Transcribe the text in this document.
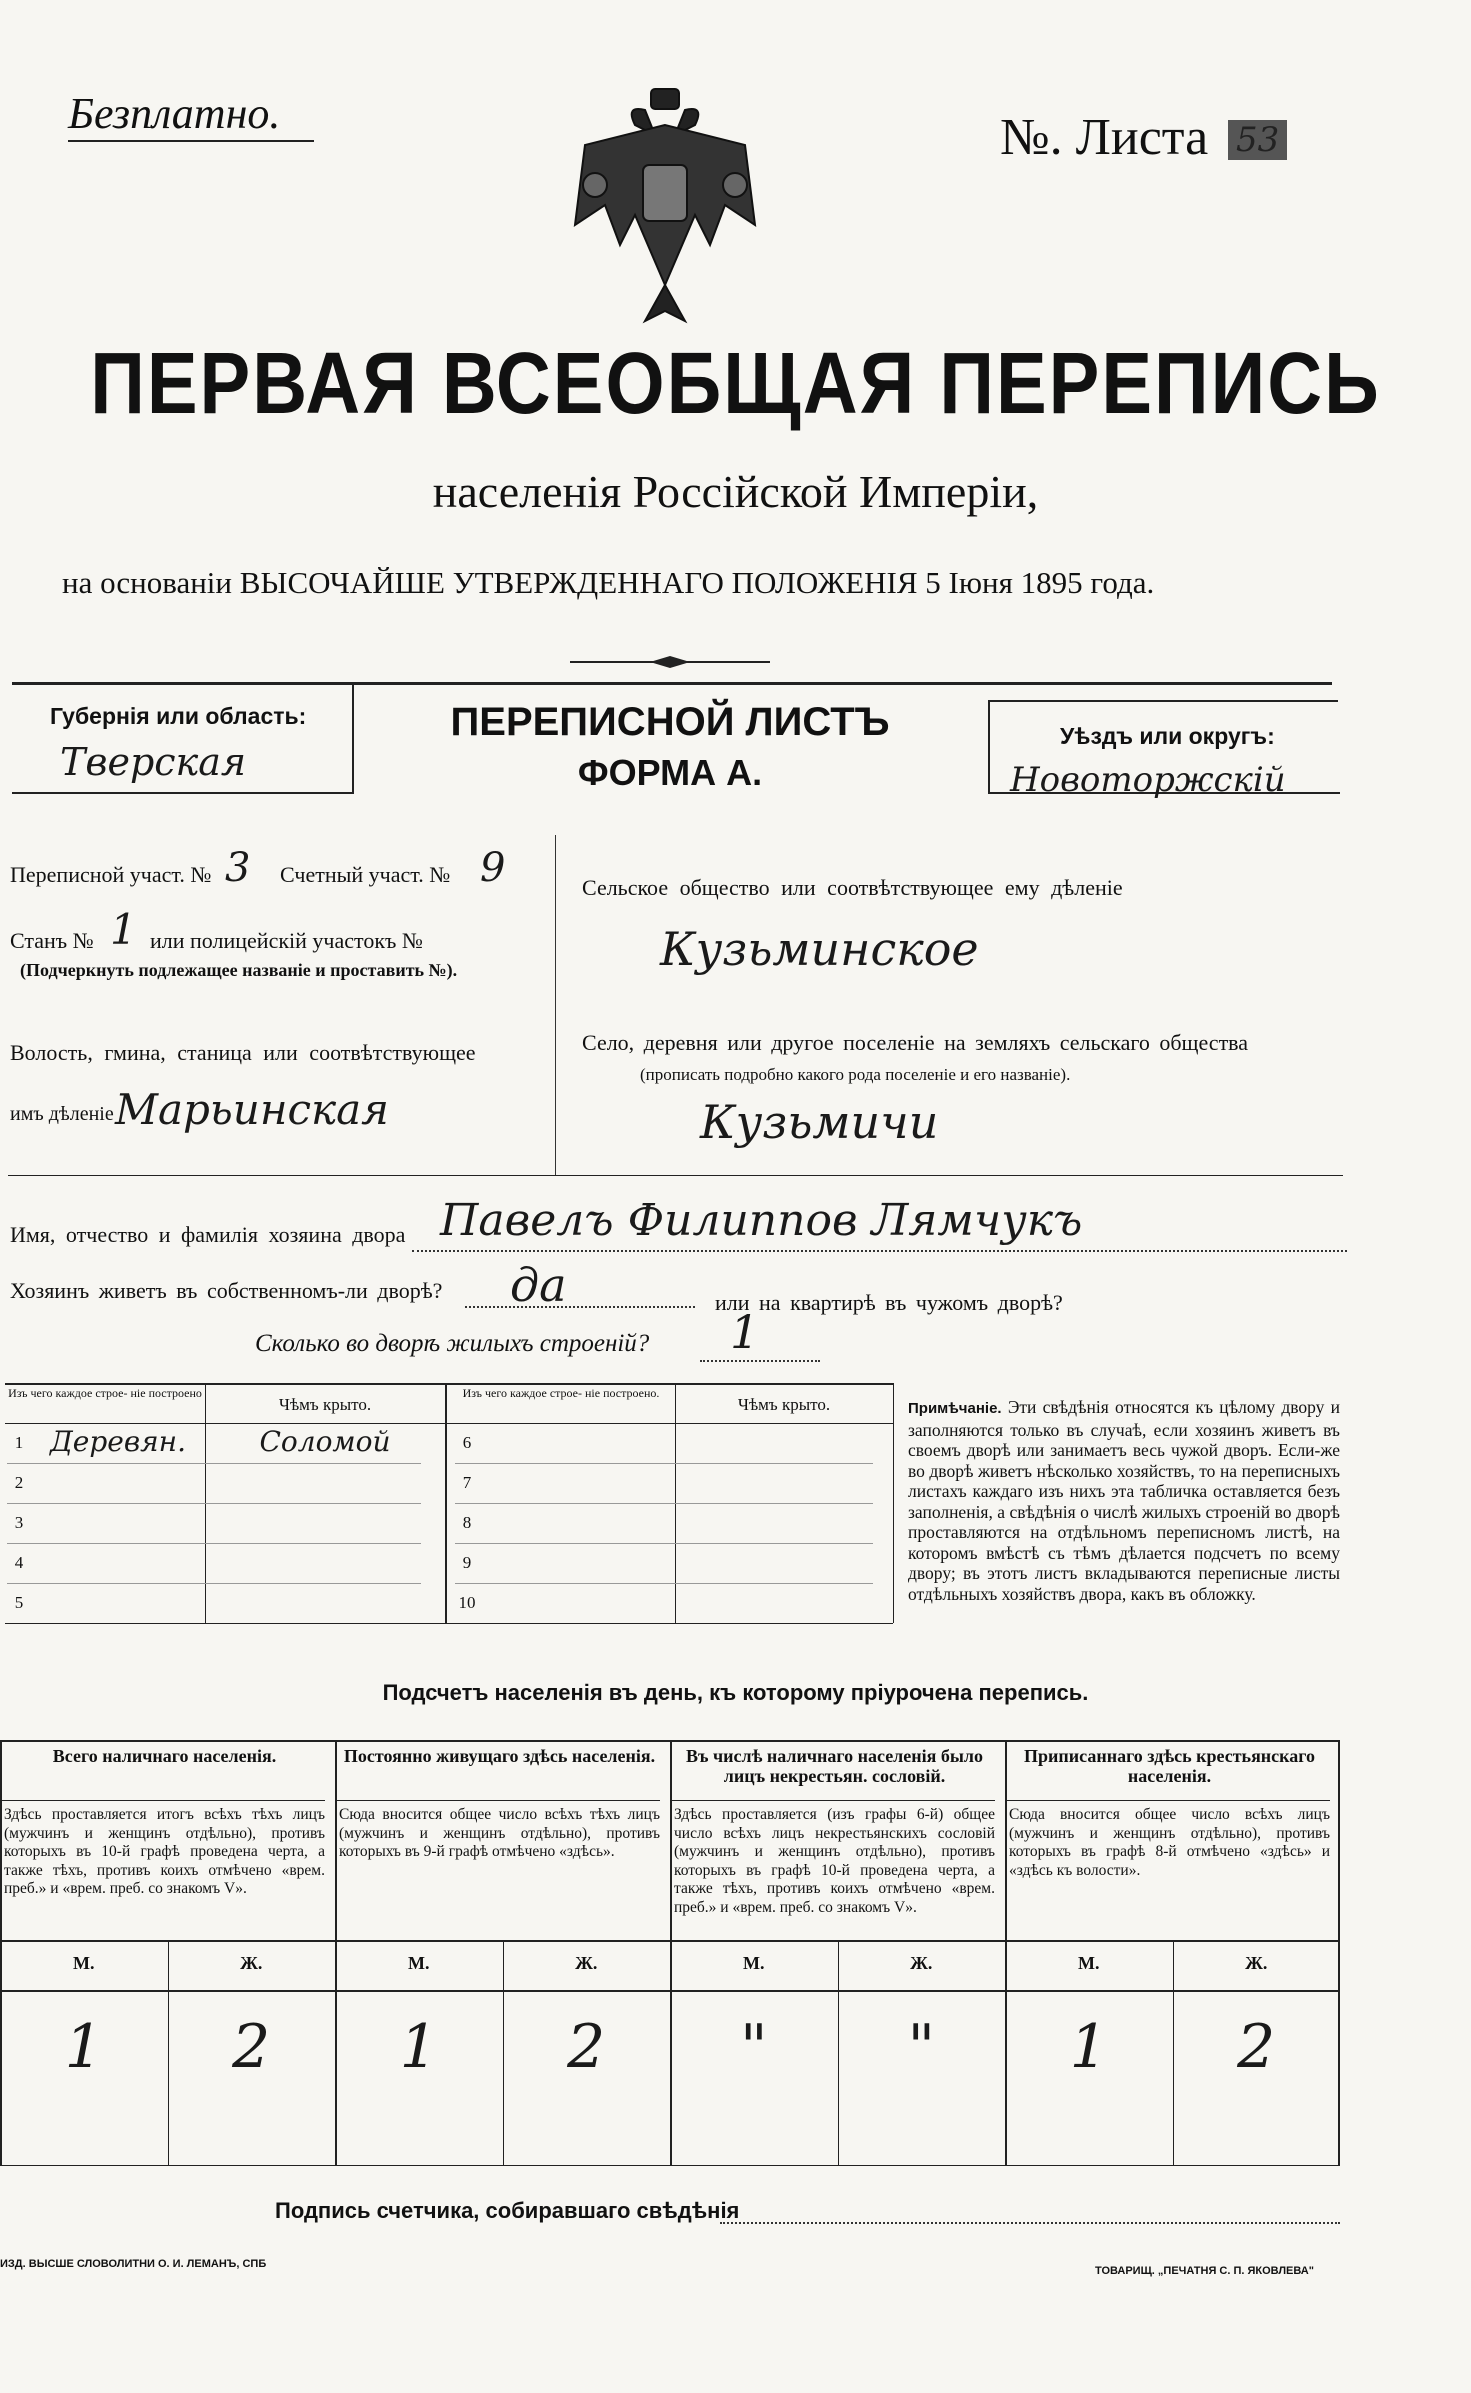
Безплатно.	№. Листа 53
ПЕРВАЯ ВСЕОБЩАЯ ПЕРЕПИСЬ
населенія Россійской Имперіи,
на основаніи ВЫСОЧАЙШЕ УТВЕРЖДЕННАГО ПОЛОЖЕНІЯ 5 Іюня 1895 года.
Губернія или область:
Тверская
ПЕРЕПИСНОЙ ЛИСТЪ
ФОРМА А.
Уѣздъ или округъ:
Новоторжскій
Переписной участ. № 3 Счетный участ. № 9
Станъ № 1 или полицейскій участокъ №
(Подчеркнуть подлежащее названіе и проставить №).
Волость, гмина, станица или соотвѣтствующее
имъ дѣленіе Марьинская
Сельское общество или соотвѣтствующее ему дѣленіе
Кузьминское
Село, деревня или другое поселеніе на земляхъ сельскаго общества
(прописать подробно какого рода поселеніе и его названіе).
Кузьмичи
Имя, отчество и фамилія хозяина двора Павелъ Филиппов Лямчукъ
Хозяинъ живетъ въ собственномъ-ли дворѣ? да	или на квартирѣ въ чужомъ дворѣ?
Сколько во дворѣ жилыхъ строеній? 1
Изъ чего каждое строе- ніе построено
Чѣмъ крыто.
Изъ чего каждое строе- ніе построено.
Чѣмъ крыто.
1 Деревян.	Соломой
2
3
4
5
6
7
8
9
10
Примѣчаніе. Эти свѣдѣнія относятся къ цѣлому двору и заполняются только въ случаѣ, если хозяинъ живетъ въ своемъ дворѣ или занимаетъ весь чужой дворъ. Если-же во дворѣ живетъ нѣсколько хозяйствъ, то на переписныхъ листахъ каждаго изъ нихъ эта табличка оставляется безъ заполненія, а свѣдѣнія о числѣ жилыхъ строеній во дворѣ проставляются на отдѣльномъ переписномъ листѣ, на которомъ вмѣстѣ съ тѣмъ дѣлается подсчетъ по всему двору; въ этотъ листъ вкладываются переписные листы отдѣльныхъ хозяйствъ двора, какъ въ обложку.
Подсчетъ населенія въ день, къ которому пріурочена перепись.
Всего наличнаго населенія.
Здѣсь проставляется итогъ всѣхъ тѣхъ лицъ (мужчинъ и женщинъ отдѣльно), противъ которыхъ въ 10-й графѣ проведена черта, а также тѣхъ, противъ коихъ отмѣчено «врем. преб.» и «врем. преб. со знакомъ V».
М.	Ж.
1	2
Постоянно живущаго здѣсь населенія.
Сюда вносится общее число всѣхъ тѣхъ лицъ (мужчинъ и женщинъ отдѣльно), противъ которыхъ въ 9-й графѣ отмѣчено «здѣсь».
М.	Ж.
1	2
Въ числѣ наличнаго населенія было лицъ некрестьян. сословій.
Здѣсь проставляется (изъ графы 6-й) общее число всѣхъ лицъ некрестьянскихъ сословій (мужчинъ и женщинъ отдѣльно), противъ которыхъ въ графѣ 10-й проведена черта, а также тѣхъ, противъ коихъ отмѣчено «врем. преб.» и «врем. преб. со знакомъ V».
М.	Ж.
"	"
Приписаннаго здѣсь крестьянскаго населенія.
Сюда вносится общее число всѣхъ лицъ (мужчинъ и женщинъ отдѣльно), противъ которыхъ въ графѣ 8-й отмѣчено «здѣсь» и «здѣсь къ волости».
М.	Ж.
1	2
Подпись счетчика, собиравшаго свѣдѣнія
ИЗД. ВЫСШЕ СЛОВОЛИТНИ О. И. ЛЕМАНЪ, СПБ
ТОВАРИЩ. „ПЕЧАТНЯ С. П. ЯКОВЛЕВА"
